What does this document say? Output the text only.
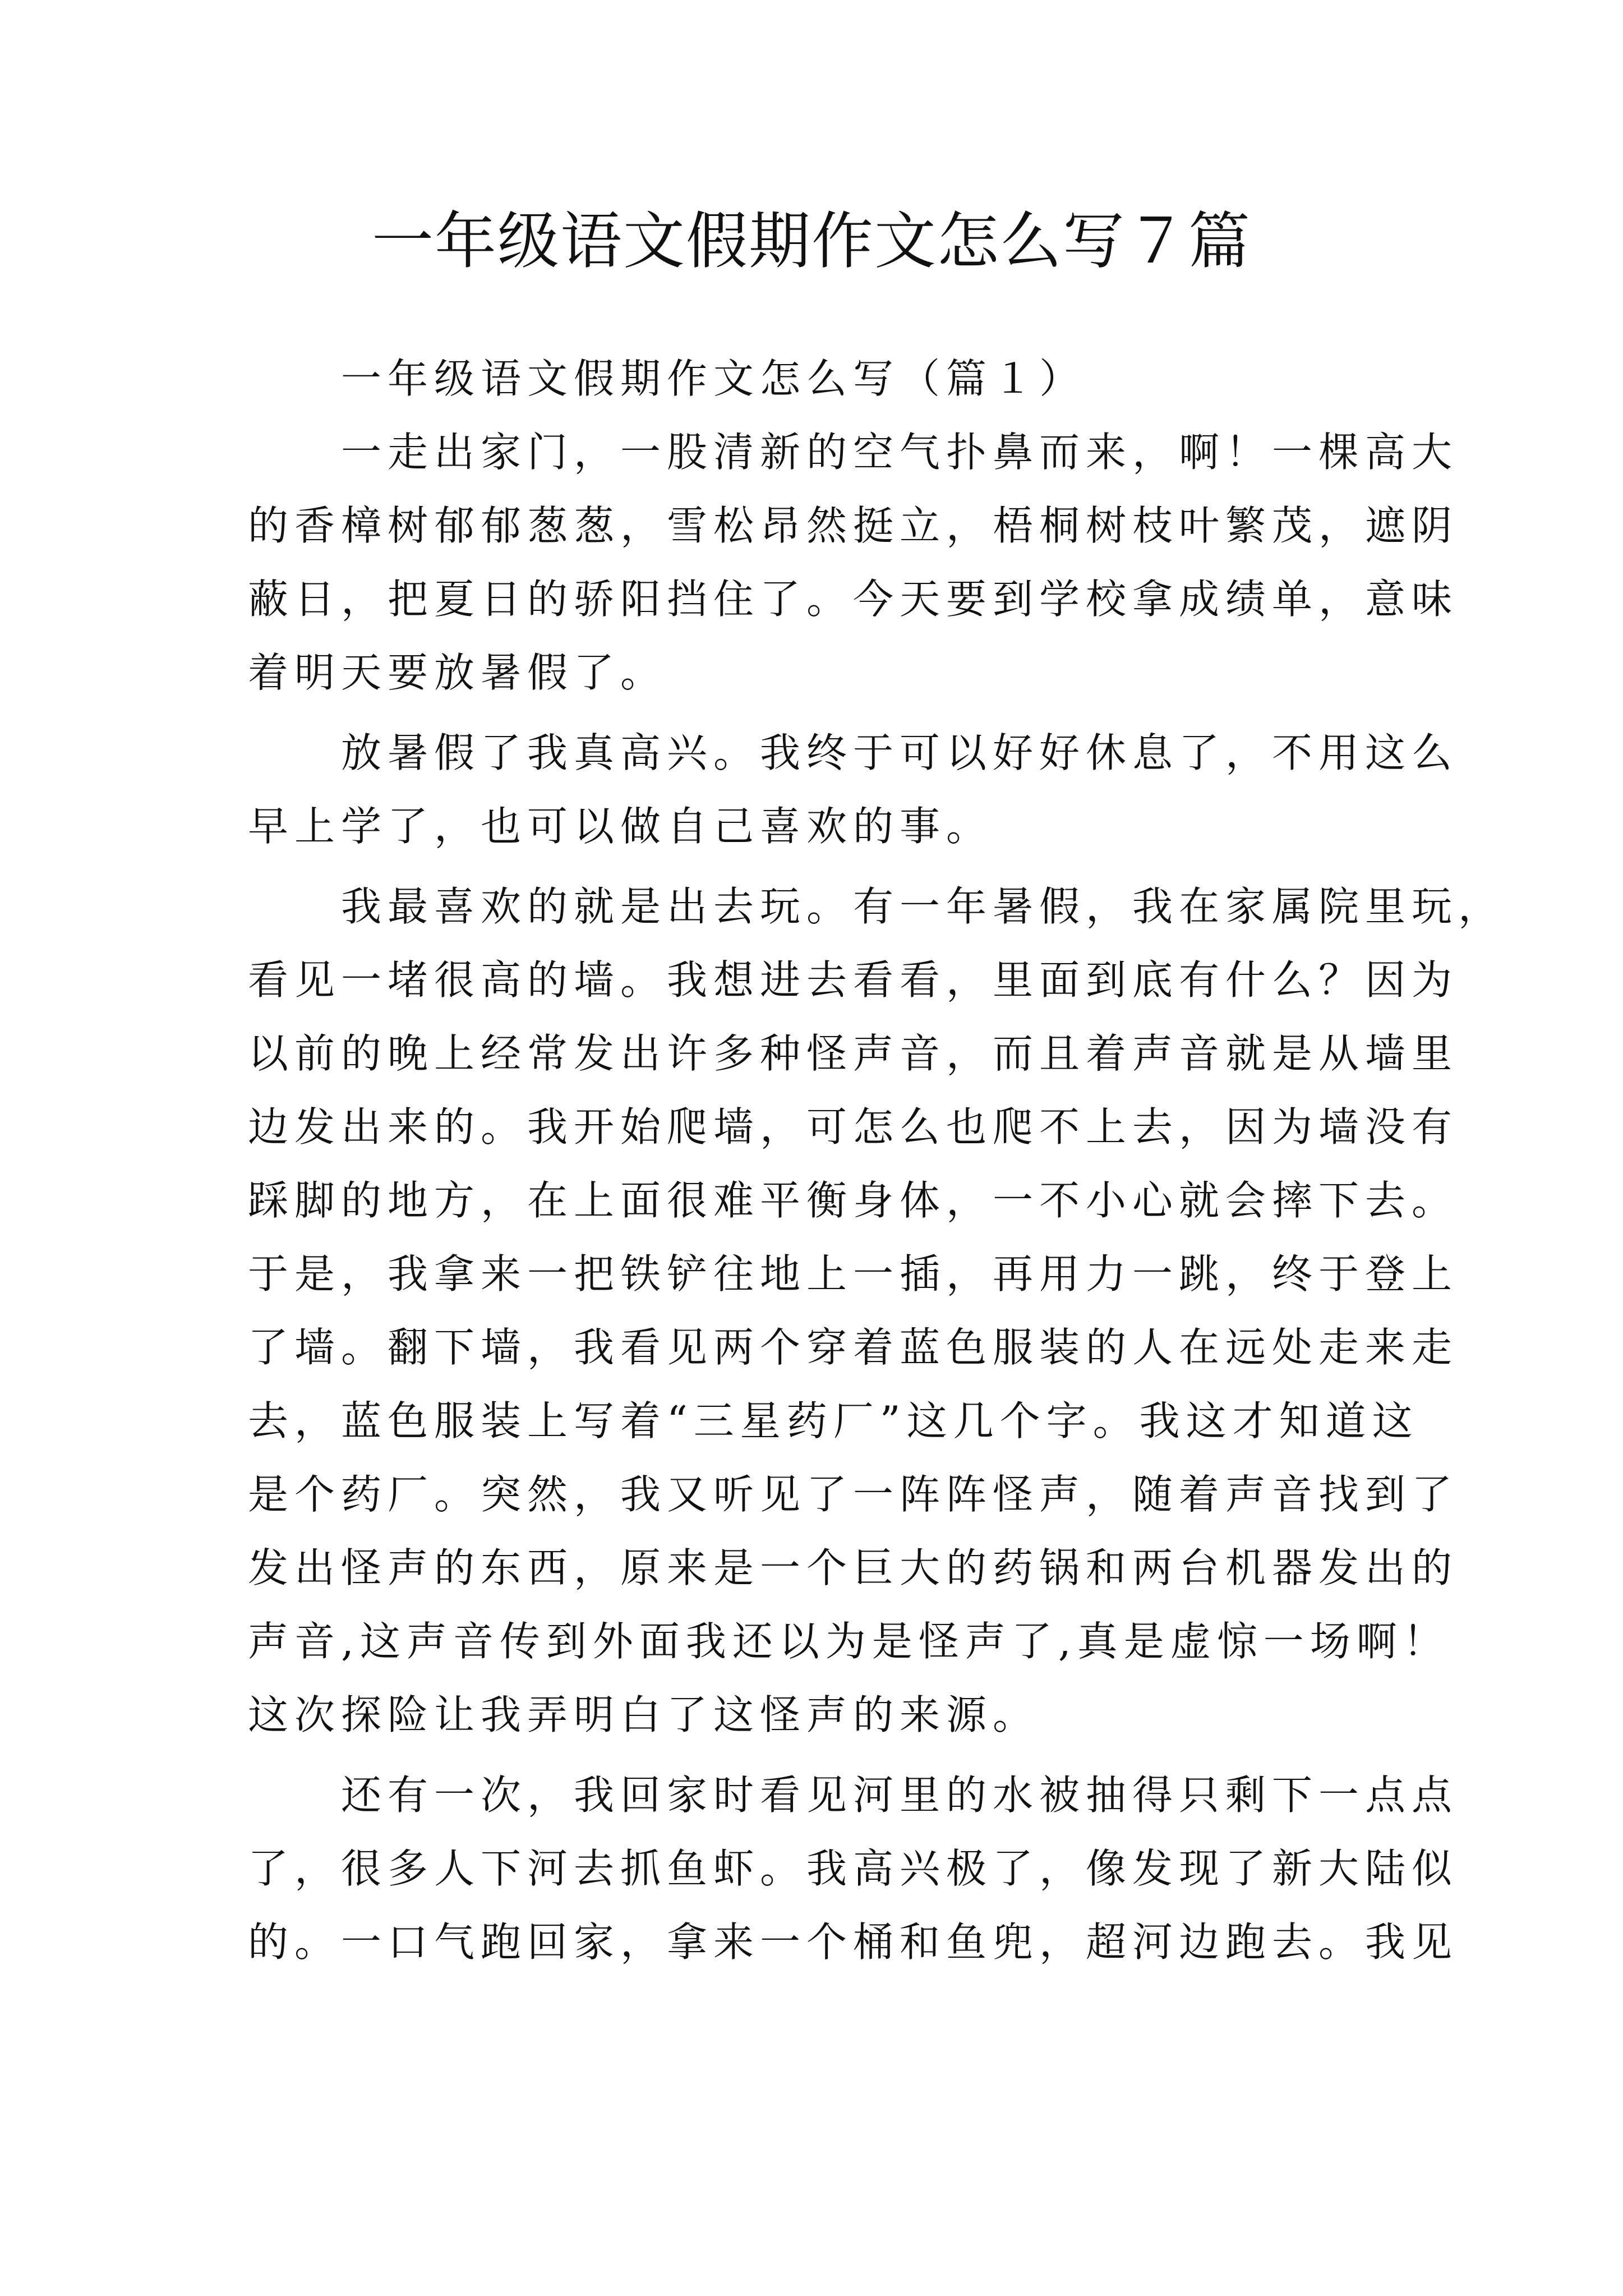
一年级语文假期作文怎么写７篇
一年级语文假期作文怎么写（篇１）
一走出家门，一股清新的空气扑鼻而来，啊！一棵高大
的香樟树郁郁葱葱，雪松昂然挺立，梧桐树枝叶繁茂，遮阴
蔽日，把夏日的骄阳挡住了。今天要到学校拿成绩单，意味
着明天要放暑假了。
放暑假了我真高兴。我终于可以好好休息了，不用这么
早上学了，也可以做自己喜欢的事。
我最喜欢的就是出去玩。有一年暑假，我在家属院里玩，
看见一堵很高的墙。我想进去看看，里面到底有什么？因为
以前的晚上经常发出许多种怪声音，而且着声音就是从墙里
边发出来的。我开始爬墙，可怎么也爬不上去，因为墙没有
踩脚的地方，在上面很难平衡身体，一不小心就会摔下去。
于是，我拿来一把铁铲往地上一插，再用力一跳，终于登上
了墙。翻下墙，我看见两个穿着蓝色服装的人在远处走来走
去，蓝色服装上写着“三星药厂”这几个字。我这才知道这
是个药厂。突然，我又听见了一阵阵怪声，随着声音找到了
发出怪声的东西，原来是一个巨大的药锅和两台机器发出的
声音,这声音传到外面我还以为是怪声了,真是虚惊一场啊！
这次探险让我弄明白了这怪声的来源。
还有一次，我回家时看见河里的水被抽得只剩下一点点
了，很多人下河去抓鱼虾。我高兴极了，像发现了新大陆似
的。一口气跑回家，拿来一个桶和鱼兜，超河边跑去。我见
